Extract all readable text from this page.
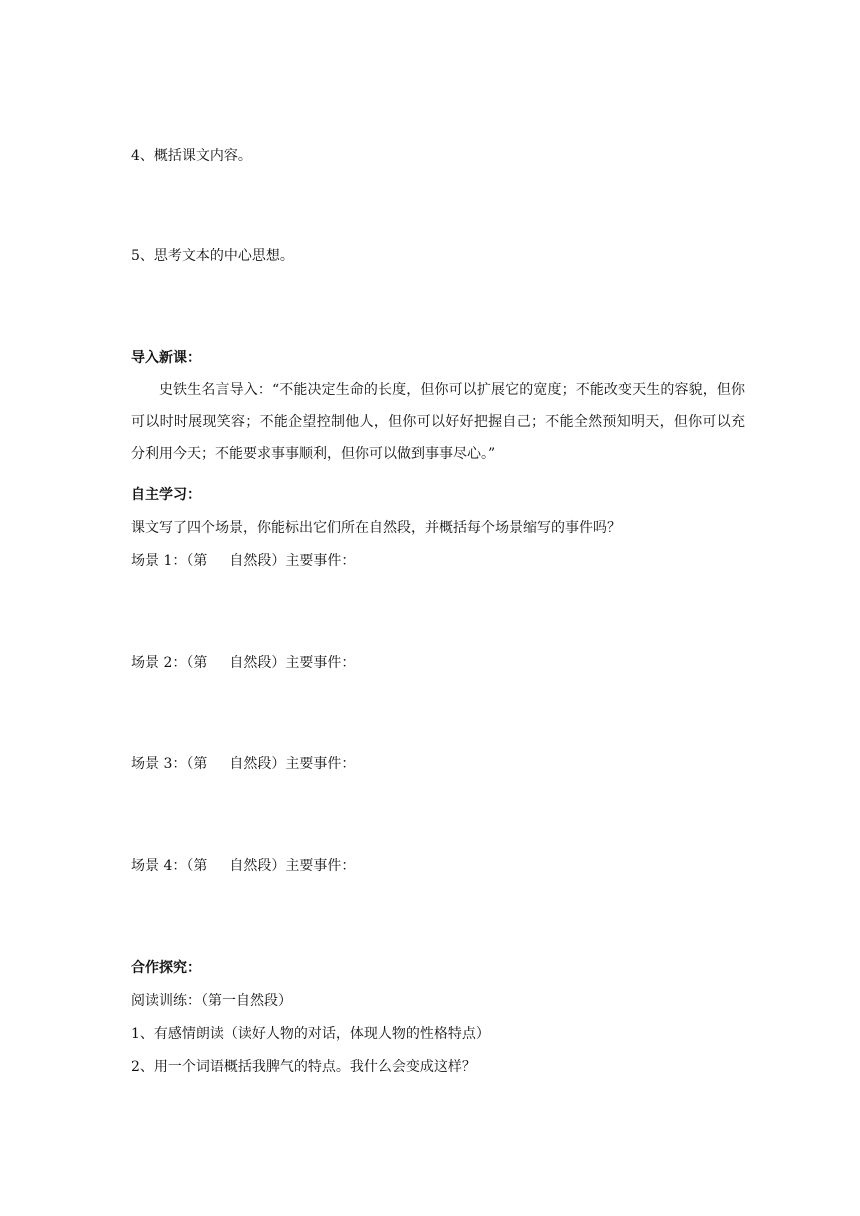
4、概括课文内容。
5、思考文本的中心思想。
导入新课：
史铁生名言导入：“不能决定生命的长度，但你可以扩展它的宽度；不能改变天生的容貌，但你可以时时展现笑容；不能企望控制他人，但你可以好好把握自己；不能全然预知明天，但你可以充分利用今天；不能要求事事顺利，但你可以做到事事尽心。”
自主学习：
课文写了四个场景，你能标出它们所在自然段，并概括每个场景缩写的事件吗？
场景 1：（第 自然段）主要事件：
场景 2：（第 自然段）主要事件：
场景 3：（第 自然段）主要事件：
场景 4：（第 自然段）主要事件：
合作探究：
阅读训练：（第一自然段）
1、有感情朗读（读好人物的对话，体现人物的性格特点）
2、用一个词语概括我脾气的特点。我什么会变成这样？
